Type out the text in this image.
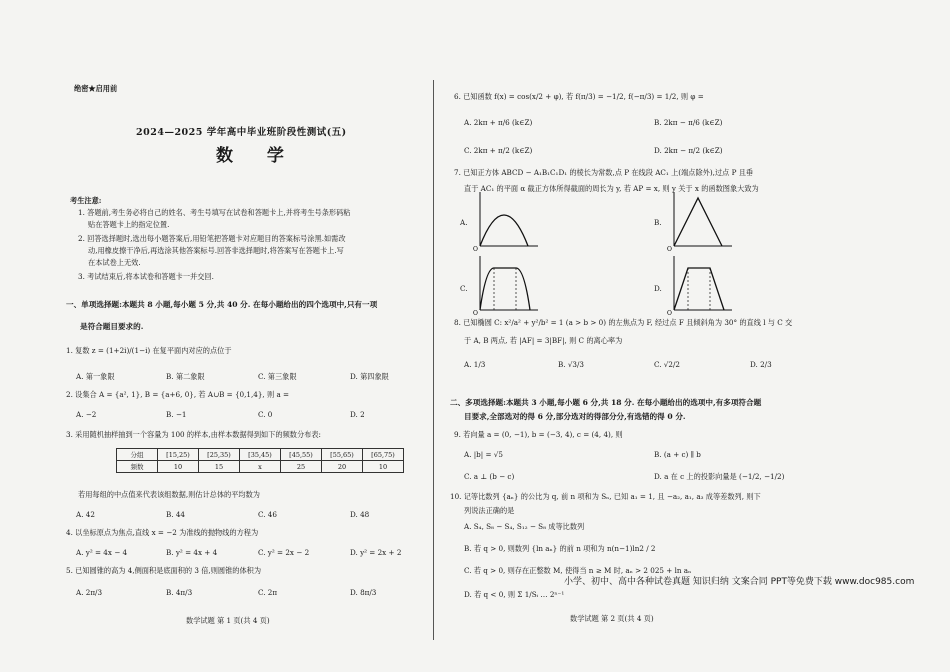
绝密★启用前
2024—2025 学年高中毕业班阶段性测试(五)
数 学
考生注意:
1. 答题前,考生务必将自己的姓名、考生号填写在试卷和答题卡上,并将考生号条形码粘
贴在答题卡上的指定位置.
2. 回答选择题时,选出每小题答案后,用铅笔把答题卡对应题目的答案标号涂黑.如需改
动,用橡皮擦干净后,再选涂其他答案标号.回答非选择题时,将答案写在答题卡上.写
在本试卷上无效.
3. 考试结束后,将本试卷和答题卡一并交回.
一、单项选择题:本题共 8 小题,每小题 5 分,共 40 分. 在每小题给出的四个选项中,只有一项
是符合题目要求的.
1. 复数 z = (1+2i)/(1−i) 在复平面内对应的点位于
A. 第一象限	B. 第二象限	C. 第三象限	D. 第四象限
2. 设集合 A = {a², 1}, B = {a+6, 0}, 若 A∪B = {0,1,4}, 则 a =
A. −2	B. −1	C. 0	D. 2
3. 采用随机抽样抽到一个容量为 100 的样本,由样本数据得到如下的频数分布表:
分组	[15,25)	[25,35)	[35,45)	[45,55)	[55,65)	[65,75)
频数	10	15	x	25	20	10
若用每组的中点值来代表该组数据,则估计总体的平均数为
A. 42	B. 44	C. 46	D. 48
4. 以坐标原点为焦点,直线 x = −2 为准线的抛物线的方程为
A. y² = 4x − 4	B. y² = 4x + 4	C. y² = 2x − 2	D. y² = 2x + 2
5. 已知圆锥的高为 4,侧面积是底面积的 3 倍,则圆锥的体积为
A. 2π/3	B. 4π/3	C. 2π	D. 8π/3
数学试题 第 1 页(共 4 页)
6. 已知函数 f(x) = cos(x/2 + φ), 若 f(π/3) = −1/2, f(−π/3) = 1/2, 则 φ =
A. 2kπ + π/6 (k∈Z)	B. 2kπ − π/6 (k∈Z)
C. 2kπ + π/2 (k∈Z)	D. 2kπ − π/2 (k∈Z)
7. 已知正方体 ABCD − A₁B₁C₁D₁ 的棱长为常数,点 P 在线段 AC₁ 上(端点除外),过点 P 且垂
直于 AC₁ 的平面 α 截正方体所得截面的周长为 y, 若 AP = x, 则 y 关于 x 的函数图象大致为
A.
O
B.
O
C.
O
D.
O
8. 已知椭圆 C: x²/a² + y²/b² = 1 (a > b > 0) 的左焦点为 F, 经过点 F 且倾斜角为 30° 的直线 l 与 C 交
于 A, B 两点, 若 |AF| = 3|BF|, 则 C 的离心率为
A. 1/3	B. √3/3	C. √2/2	D. 2/3
二、多项选择题:本题共 3 小题,每小题 6 分,共 18 分. 在每小题给出的选项中,有多项符合题
目要求,全部选对的得 6 分,部分选对的得部分分,有选错的得 0 分.
9. 若向量 a = (0, −1), b = (−3, 4), c = (4, 4), 则
A. |b| = √5	B. (a + c) ∥ b
C. a ⊥ (b − c)	D. a 在 c 上的投影向量是 (−1/2, −1/2)
10. 记等比数列 {aₙ} 的公比为 q, 前 n 项和为 Sₙ, 已知 a₁ = 1, 且 −a₂, a₁, a₃ 成等差数列, 则下
列说法正确的是
A. S₄, S₈ − S₄, S₁₂ − S₈ 成等比数列
B. 若 q > 0, 则数列 {ln aₙ} 的前 n 项和为 n(n−1)ln2 / 2
C. 若 q > 0, 则存在正整数 M, 使得当 n ≥ M 时, aₙ > 2 025 + ln aₙ
D. 若 q < 0, 则 Σ 1/Sᵢ … 2ⁿ⁻¹
小学、初中、高中各种试卷真题 知识归纳 文案合同 PPT等免费下载 www.doc985.com
数学试题 第 2 页(共 4 页)
